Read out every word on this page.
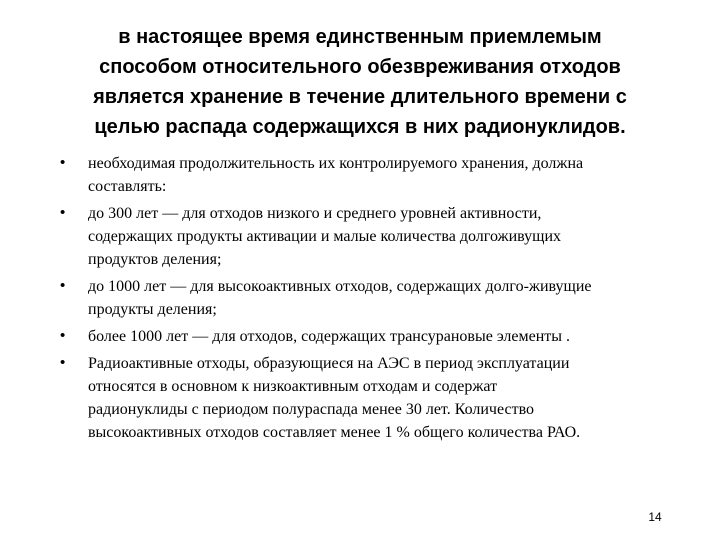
в настоящее время единственным приемлемым
способом относительного обезвреживания отходов
является хранение в течение длительного времени с
целью распада содержащихся в них радионуклидов.
• необходимая продолжительность их контролируемого хранения, должна
составлять:
• до 300 лет — для отходов низкого и среднего уровней активности,
содержащих продукты активации и малые количества долгоживущих
продуктов деления;
• до 1000 лет — для высокоактивных отходов, содержащих долго-живущие
продукты деления;
• более 1000 лет — для отходов, содержащих трансурановые элементы .
• Радиоактивные отходы, образующиеся на АЭС в период эксплуатации
относятся в основном к низкоактивным отходам и содержат
радионуклиды с периодом полураспада менее 30 лет. Количество
высокоактивных отходов составляет менее 1 % общего количества РАО.
14
